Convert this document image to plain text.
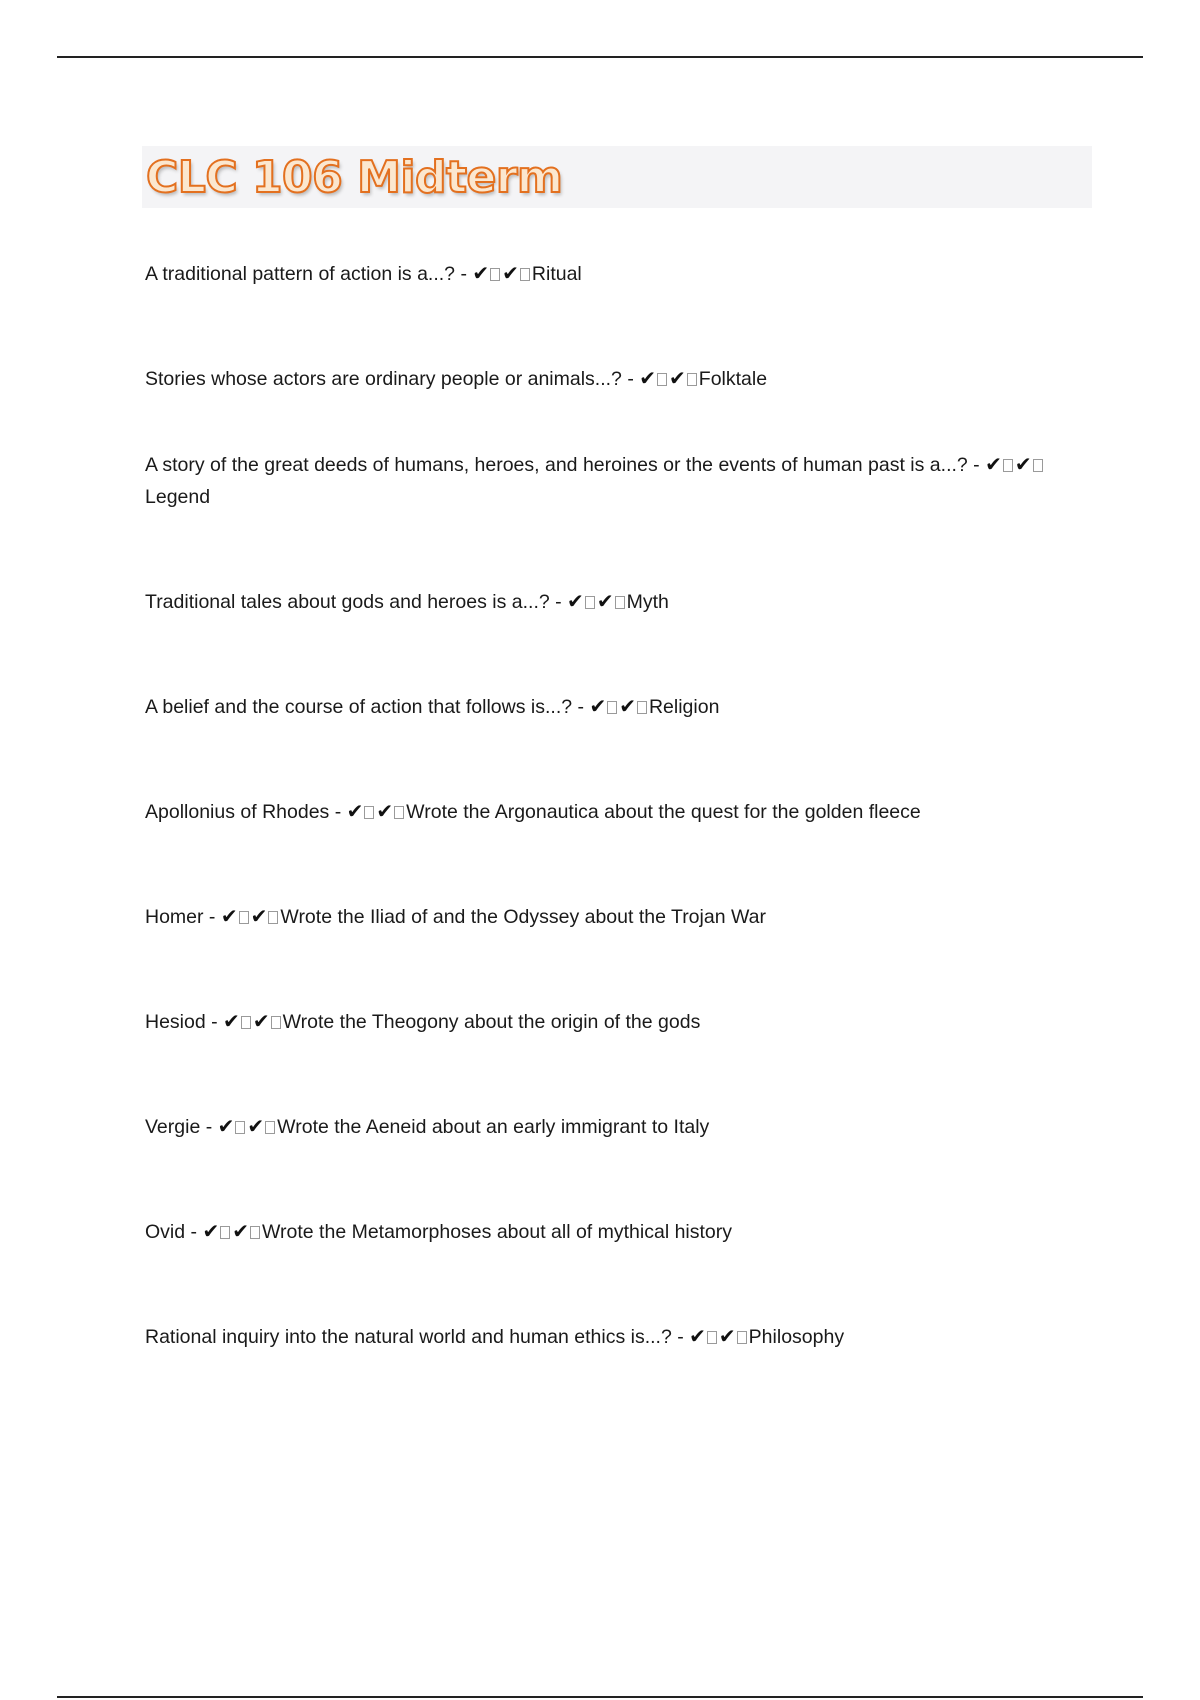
CLC 106 Midterm
A traditional pattern of action is a...? - ✔ ✔ Ritual
Stories whose actors are ordinary people or animals...? - ✔ ✔ Folktale
A story of the great deeds of humans, heroes, and heroines or the events of human past is a...? - ✔ ✔Legend
Traditional tales about gods and heroes is a...? - ✔ ✔ Myth
A belief and the course of action that follows is...? - ✔ ✔ Religion
Apollonius of Rhodes - ✔ ✔ Wrote the Argonautica about the quest for the golden fleece
Homer - ✔ ✔ Wrote the Iliad of and the Odyssey about the Trojan War
Hesiod - ✔ ✔ Wrote the Theogony about the origin of the gods
Vergie - ✔ ✔ Wrote the Aeneid about an early immigrant to Italy
Ovid - ✔ ✔ Wrote the Metamorphoses about all of mythical history
Rational inquiry into the natural world and human ethics is...? - ✔ ✔ Philosophy
